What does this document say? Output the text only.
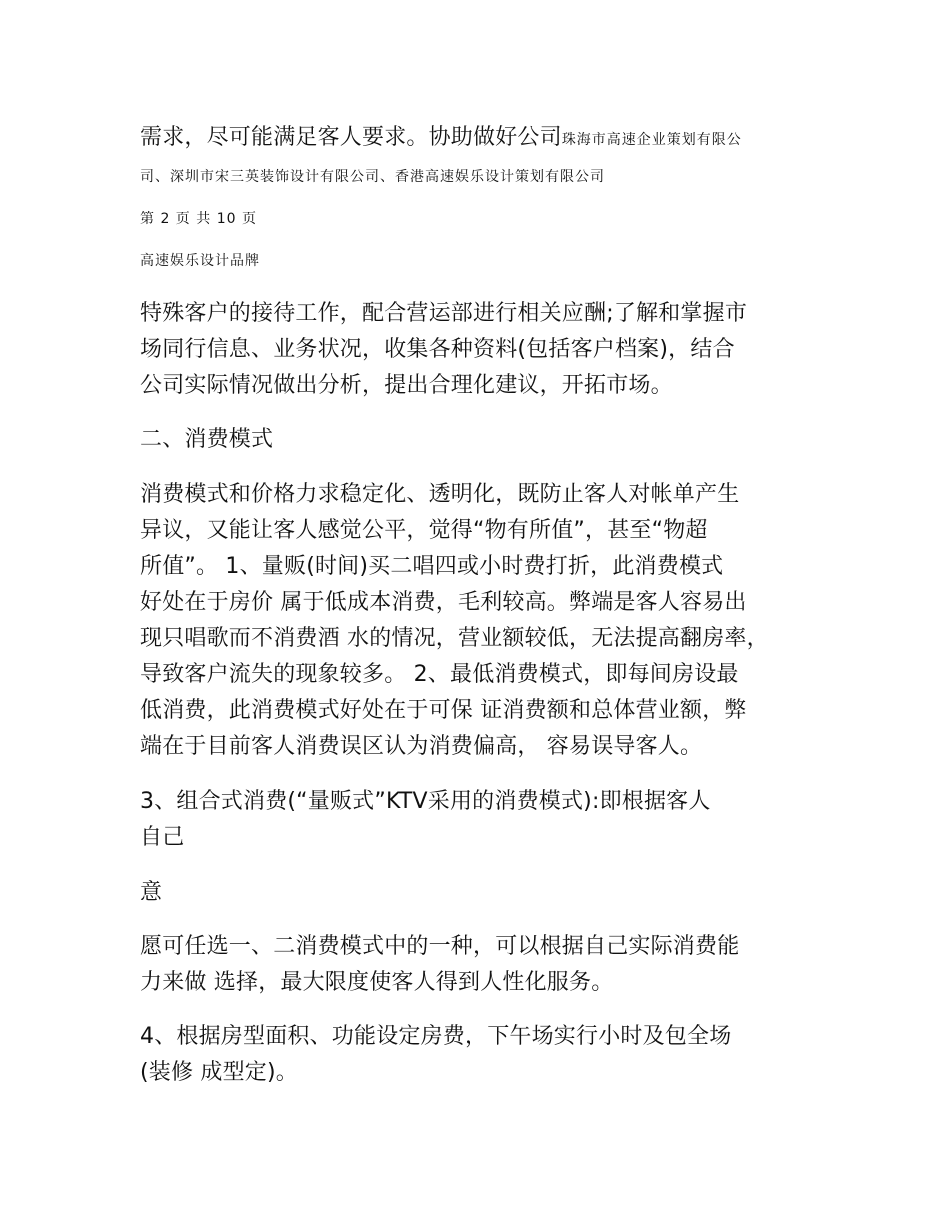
需求，尽可能满足客人要求。协助做好公司珠海市高速企业策划有限公
司、深圳市宋三英装饰设计有限公司、香港高速娱乐设计策划有限公司
第 2 页 共 10 页
高速娱乐设计品牌
特殊客户的接待工作，配合营运部进行相关应酬;了解和掌握市
场同行信息、业务状况，收集各种资料(包括客户档案)，结合
公司实际情况做出分析，提出合理化建议，开拓市场。
二、消费模式
消费模式和价格力求稳定化、透明化，既防止客人对帐单产生
异议，又能让客人感觉公平，觉得“物有所值”，甚至“物超
所值”。 1、量贩(时间)买二唱四或小时费打折，此消费模式
好处在于房价 属于低成本消费，毛利较高。弊端是客人容易出
现只唱歌而不消费酒 水的情况，营业额较低，无法提高翻房率，
导致客户流失的现象较多。 2、最低消费模式，即每间房设最
低消费，此消费模式好处在于可保 证消费额和总体营业额，弊
端在于目前客人消费误区认为消费偏高， 容易误导客人。
3、组合式消费(“量贩式”KTV采用的消费模式):即根据客人
自己
意
愿可任选一、二消费模式中的一种，可以根据自己实际消费能
力来做 选择，最大限度使客人得到人性化服务。
4、根据房型面积、功能设定房费，下午场实行小时及包全场
(装修 成型定)。
